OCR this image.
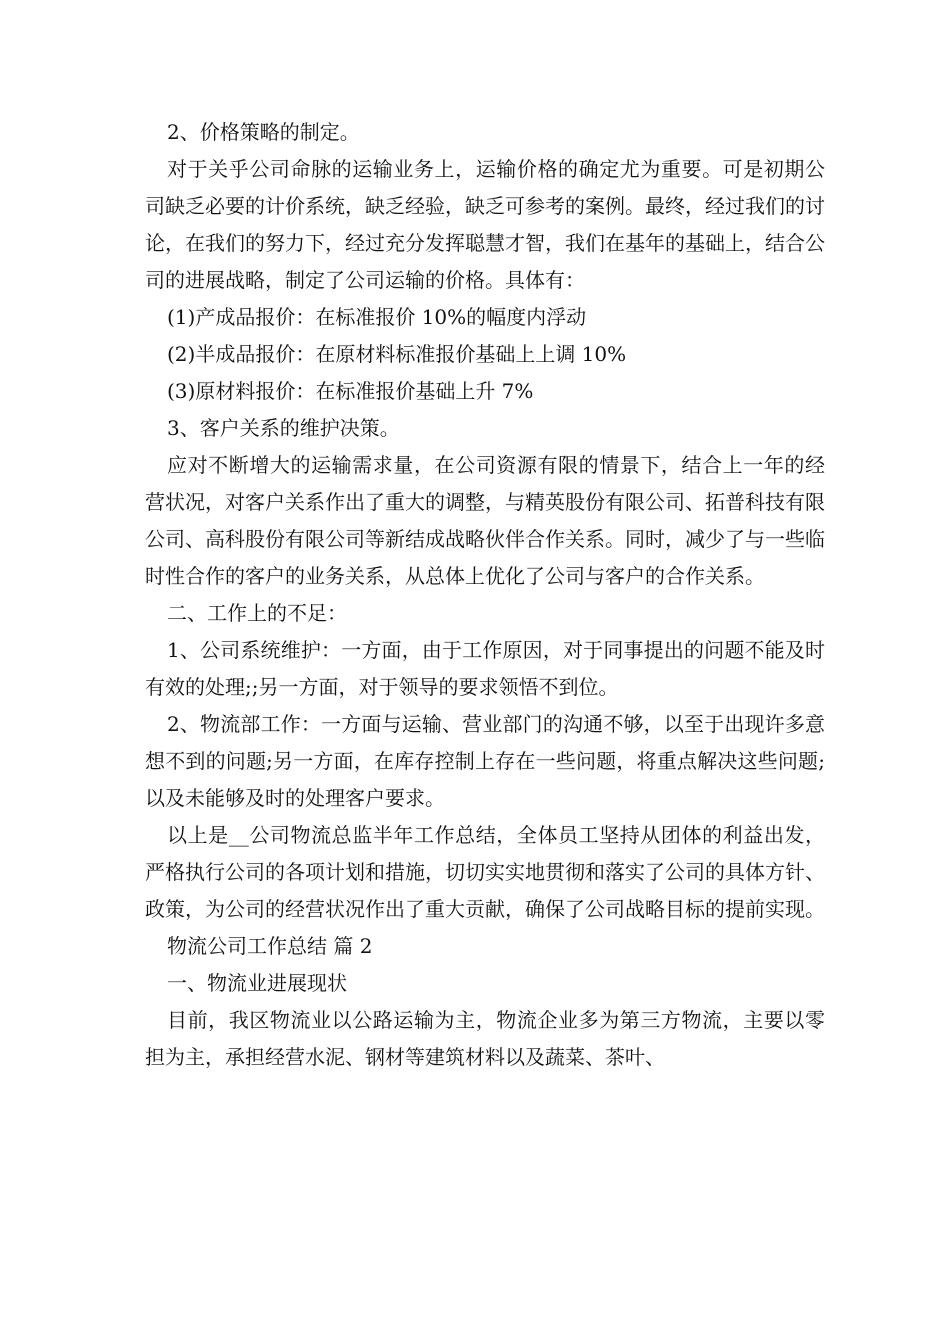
2、价格策略的制定。

对于关乎公司命脉的运输业务上，运输价格的确定尤为重要。可是初期公司缺乏必要的计价系统，缺乏经验，缺乏可参考的案例。最终，经过我们的讨论，在我们的努力下，经过充分发挥聪慧才智，我们在基年的基础上，结合公司的进展战略，制定了公司运输的价格。具体有：

(1)产成品报价：在标准报价 10%的幅度内浮动

(2)半成品报价：在原材料标准报价基础上上调 10%

(3)原材料报价：在标准报价基础上升 7%

3、客户关系的维护决策。

应对不断增大的运输需求量，在公司资源有限的情景下，结合上一年的经营状况，对客户关系作出了重大的调整，与精英股份有限公司、拓普科技有限公司、高科股份有限公司等新结成战略伙伴合作关系。同时，减少了与一些临时性合作的客户的业务关系，从总体上优化了公司与客户的合作关系。

二、工作上的不足：

1、公司系统维护：一方面，由于工作原因，对于同事提出的问题不能及时有效的处理;;另一方面，对于领导的要求领悟不到位。

2、物流部工作：一方面与运输、营业部门的沟通不够，以至于出现许多意想不到的问题;另一方面，在库存控制上存在一些问题，将重点解决这些问题;以及未能够及时的处理客户要求。

以上是__公司物流总监半年工作总结，全体员工坚持从团体的利益出发，严格执行公司的各项计划和措施，切切实实地贯彻和落实了公司的具体方针、政策，为公司的经营状况作出了重大贡献，确保了公司战略目标的提前实现。

物流公司工作总结 篇 2

一、物流业进展现状

目前，我区物流业以公路运输为主，物流企业多为第三方物流，主要以零担为主，承担经营水泥、钢材等建筑材料以及蔬菜、茶叶、
